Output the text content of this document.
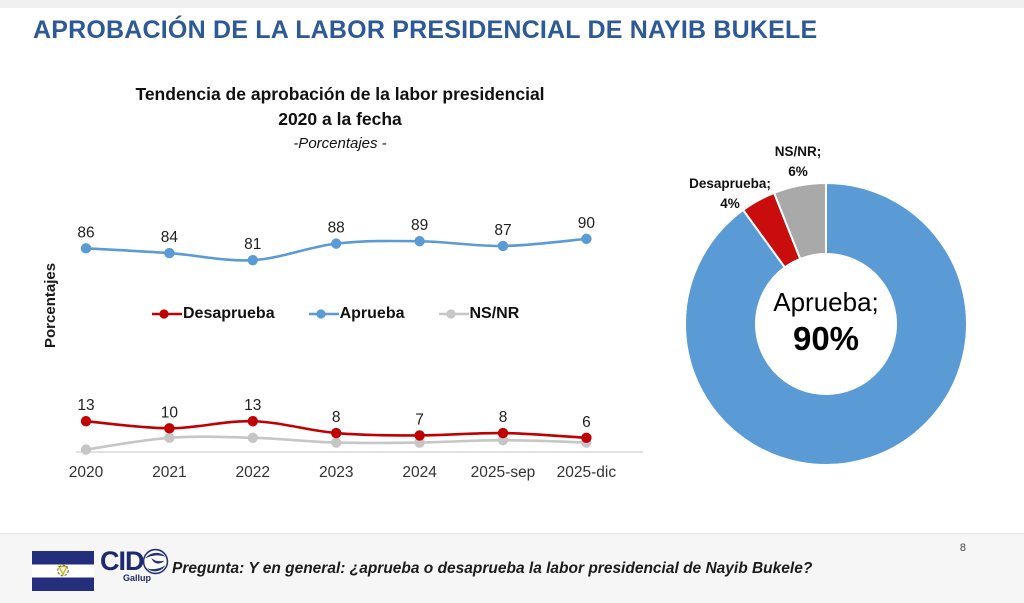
APROBACIÓN DE LA LABOR PRESIDENCIAL DE NAYIB BUKELE
Tendencia de aprobación de la labor presidencial
2020 a la fecha
-Porcentajes -
Porcentajes
2020	2021	2022	2023	2024 2025-sep 2025-dic
13	10	13
8	7	8	6
86	84	81
88	89	87	90
Desaprueba	Aprueba	NS/NR
NS/NR;
6%
Desaprueba;
4%
Aprueba;
90%
CID
Gallup
Pregunta: Y en general: ¿aprueba o desaprueba la labor presidencial de Nayib Bukele?
8
